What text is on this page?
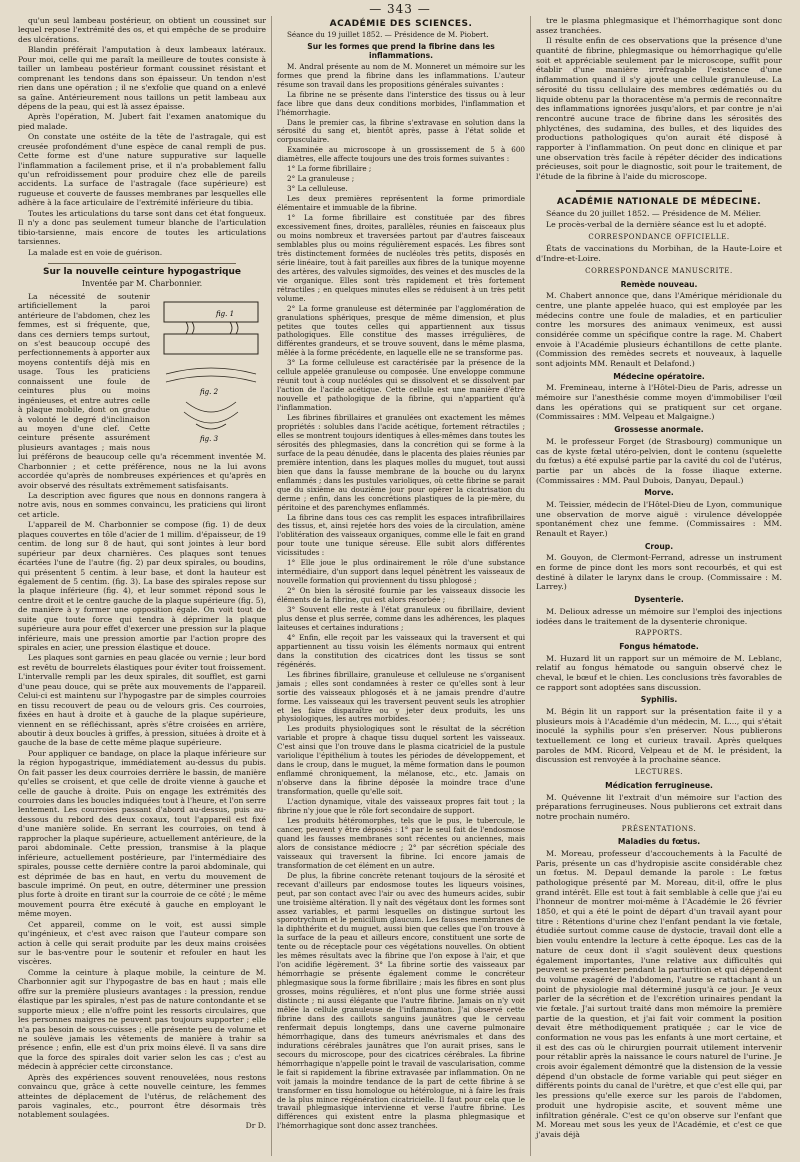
— 343 —

qu'un seul lambeau postérieur, on obtient un coussinet sur lequel repose l'extrémité des os, et qui empêche de se produire des ulcérations.

Blandin préférait l'amputation à deux lambeaux latéraux. Pour moi, celle qui me paraît la meilleure de toutes consiste à tailler un lambeau postérieur formant coussinet résistant et comprenant les tendons dans son épaisseur. Un tendon n'est rien dans une opération ; il ne s'exfolie que quand on a enlevé sa gaîne. Antérieurement nous taillons un petit lambeau aux dépens de la peau, qui est là assez épaisse.

Après l'opération, M. Jubert fait l'examen anatomique du pied malade.

On constate une ostéite de la tête de l'astragale, qui est creusée profondément d'une espèce de canal rempli de pus. Cette forme est d'une nature suppurative sur laquelle l'inflammation a facilement prise, et il n'a probablement fallu qu'un refroidissement pour produire chez elle de pareils accidents. La surface de l'astragale (face supérieure) est rugueuse et couverte de fausses membranes par lesquelles elle adhère à la face articulaire de l'extrémité inférieure du tibia.

Toutes les articulations du tarse sont dans cet état fongueux. Il n'y a donc pas seulement tumeur blanche de l'articulation tibio-tarsienne, mais encore de toutes les articulations tarsiennes.

La malade est en voie de guérison.

Sur la nouvelle ceinture hypogastrique
Inventée par M. Charbonnier.
fig. 1
fig. 2
fig. 3

La nécessité de soutenir artificiellement la paroi antérieure de l'abdomen, chez les femmes, est si fréquente, que, dans ces derniers temps surtout, on s'est beaucoup occupé des perfectionnements à apporter aux moyens contentifs déjà mis en usage. Tous les praticiens connaissent une foule de ceintures plus ou moins ingénieuses, et entre autres celle à plaque mobile, dont on gradue à volonté le degré d'inclinaison au moyen d'une clef. Cette ceinture présente assurément plusieurs avantages ; mais nous lui préférons de beaucoup celle qu'a récemment inventée M. Charbonnier ; et cette préférence, nous ne la lui avons accordée qu'après de nombreuses expériences et qu'après en avoir observé des résultats extrêmement satisfaisants.

La description avec figures que nous en donnons rangera à notre avis, nous en sommes convaincu, les praticiens qui liront cet article.

L'appareil de M. Charbonnier se compose (fig. 1) de deux plaques couvertes en tôle d'acier de 1 millim. d'épaisseur, de 19 centim. de long sur 8 de haut, qui sont jointes à leur bord supérieur par deux charnières. Ces plaques sont tenues écartées l'une de l'autre (fig. 2) par deux spirales, ou boudins, qui présentent 5 centim. à leur base, et dont la hauteur est également de 5 centim. (fig. 3). La base des spirales repose sur la plaque inférieure (fig. 4), et leur sommet répond sous le centre droit et le centre gauche de la plaque supérieure (fig. 5), de manière à y former une opposition égale. On voit tout de suite que toute force qui tendra à déprimer la plaque supérieure aura pour effet d'exercer une pression sur la plaque inférieure, mais une pression amortie par l'action propre des spirales en acier, une pression élastique et douce.

Les plaques sont garnies en peau glacée ou vernie ; leur bord est revêtu de bourrelets élastiques pour éviter tout froissement. L'intervalle rempli par les deux spirales, dit soufflet, est garni d'une peau douce, qui se prête aux mouvements de l'appareil. Celui-ci est maintenu sur l'hypogastre par de simples courroies en tissu recouvert de peau ou de velours gris. Ces courroies, fixées en haut à droite et à gauche de la plaque supérieure, viennent en se réfléchissant, après s'être croisées en arrière, aboutir à deux boucles à griffes, à pression, situées à droite et à gauche de la base de cette même plaque supérieure.

Pour appliquer ce bandage, on place la plaque inférieure sur la région hypogastrique, immédiatement au-dessus du pubis. On fait passer les deux courroies derrière le bassin, de manière qu'elles se croisent, et que celle de droite vienne à gauche et celle de gauche à droite. Puis on engage les extrémités des courroies dans les boucles indiquées tout à l'heure, et l'on serre lentement. Les courroies passant d'abord au-dessus, puis au-dessous du rebord des deux coxaux, tout l'appareil est fixé d'une manière solide. En serrant les courroies, on tend à rapprocher la plaque supérieure, actuellement antérieure, de la paroi abdominale. Cette pression, transmise à la plaque inférieure, actuellement postérieure, par l'intermédiaire des spirales, pousse cette dernière contre la paroi abdominale, qui est déprimée de bas en haut, en vertu du mouvement de bascule imprimé. On peut, en outre, déterminer une pression plus forte à droite en tirant sur la courroie de ce côté ; le même mouvement pourra être exécuté à gauche en employant le même moyen.

Cet appareil, comme on le voit, est aussi simple qu'ingénieux, et c'est avec raison que l'auteur compare son action à celle qui serait produite par les deux mains croisées sur le bas-ventre pour le soutenir et refouler en haut les viscères.

Comme la ceinture à plaque mobile, la ceinture de M. Charbonnier agit sur l'hypogastre de bas en haut ; mais elle offre sur la première plusieurs avantages : la pression, rendue élastique par les spirales, n'est pas de nature contondante et se supporte mieux ; elle n'offre point les ressorts circulaires, que les personnes maigres ne peuvent pas toujours supporter ; elle n'a pas besoin de sous-cuisses ; elle présente peu de volume et ne soulève jamais les vêtements de manière à trahir sa présence ; enfin, elle est d'un prix moins élevé. Il va sans dire que la force des spirales doit varier selon les cas ; c'est au médecin à apprécier cette circonstance.

Après des expériences souvent renouvelées, nous restons convaincu que, grâce à cette nouvelle ceinture, les femmes atteintes de déplacement de l'utérus, de relâchement des parois vaginales, etc., pourront être désormais très notablement soulagées.

Dr D.

ACADÉMIE DES SCIENCES.

Séance du 19 juillet 1852. — Présidence de M. Piobert.

Sur les formes que prend la fibrine dans les inflammations.

M. Andral présente au nom de M. Monneret un mémoire sur les formes que prend la fibrine dans les inflammations. L'auteur résume son travail dans les propositions générales suivantes :

La fibrine ne se présente dans l'interstice des tissus ou à leur face libre que dans deux conditions morbides, l'inflammation et l'hémorrhagie.

Dans le premier cas, la fibrine s'extravase en solution dans la sérosité du sang et, bientôt après, passe à l'état solide et corpusculaire.

Examinée au microscope à un grossissement de 5 à 600 diamètres, elle affecte toujours une des trois formes suivantes :

1° La forme fibrillaire ;

2° La granuleuse ;

3° La celluleuse.

Les deux premières représentent la forme primordiale élémentaire et immuable de la fibrine.

1° La forme fibrillaire est constituée par des fibres excessivement fines, droites, parallèles, réunies en faisceaux plus ou moins nombreux et traversées partout par d'autres faisceaux semblables plus ou moins régulièrement espacés. Les fibres sont très distinctement formées de nucléoles très petits, disposés en série linéaire, tout à fait pareilles aux fibres de la tunique moyenne des artères, des valvules sigmoïdes, des veines et des muscles de la vie organique. Elles sont très rapidement et très fortement rétractiles ; en quelques minutes elles se réduisent à un très petit volume.

2° La forme granuleuse est déterminée par l'agglomération de granulations sphériques, presque de même dimension, et plus petites que toutes celles qui appartiennent aux tissus pathologiques. Elle constitue des masses irrégulières, de différentes grandeurs, et se trouve souvent, dans le même plasma, mêlée à la forme précédente, en laquelle elle ne se transforme pas.

3° La forme celluleuse est caractérisée par la présence de la cellule appelée granuleuse ou composée. Une enveloppe commune réunit tout à coup nucléoles qui se dissolvent et se dissolvent par l'action de l'acide acétique. Cette cellule est une manière d'être nouvelle et pathologique de la fibrine, qui n'appartient qu'à l'inflammation.

Les fibrines fibrillaires et granulées ont exactement les mêmes propriétés : solubles dans l'acide acétique, fortement rétractiles ; elles se montrent toujours identiques à elles-mêmes dans toutes les sérosités des phlegmasies, dans la concrétion qui se forme à la surface de la peau dénudée, dans le placenta des plaies réunies par première intention, dans les plaques molles du muguet, tout aussi bien que dans la fausse membrane de la bouche ou du larynx enflammés ; dans les pustules varioliques, où cette fibrine se parait que du sixième au douzième jour pour opérer la cicatrisation du derme ; enfin, dans les concrétions plastiques de la pie-mère, du péritoine et des parenchymes enflammés.

La fibrine dans tous ces cas remplit les espaces intrafibrillaires des tissus, et, ainsi rejetée hors des voies de la circulation, amène l'oblitération des vaisseaux organiques, comme elle le fait en grand pour toute une tunique séreuse. Elle subit alors différentes vicissitudes :

1° Elle joue le plus ordinairement le rôle d'une substance intermédiaire, d'un support dans lequel pénètrent les vaisseaux de nouvelle formation qui proviennent du tissu phlogosé ;

2° On bien la sérosité fournie par les vaisseaux dissocie les éléments de la fibrine, qui est alors résorbée ;

3° Souvent elle reste à l'état granuleux ou fibrillaire, devient plus dense et plus serrée, comme dans les adhérences, les plaques laiteuses et certaines indurations ;

4° Enfin, elle reçoit par les vaisseaux qui la traversent et qui appartiennent au tissu voisin les éléments normaux qui entrent dans la constitution des cicatrices dont les tissus se sont régénérés.

Les fibrines fibrillaire, granuleuse et celluleuse ne s'organisent jamais ; elles sont condamnées à rester ce qu'elles sont à leur sortie des vaisseaux phlogosés et à ne jamais prendre d'autre forme. Les vaisseaux qui les traversent peuvent seuls les atrophier et les faire disparaître ou y jeter deux produits, les uns physiologiques, les autres morbides.

Les produits physiologiques sont le résultat de la sécrétion variable et propre à chaque tissu duquel sortent les vaisseaux. C'est ainsi que l'on trouve dans le plasma cicatriciel de la pustule variolique l'épithélium à toutes les périodes de développement, et dans le croup, dans le muguet, la même formation dans le poumon enflammé chroniquement, la mélanose, etc., etc. Jamais on n'observe dans la fibrine déposée la moindre trace d'une transformation, quelle qu'elle soit.

L'action dynamique, vitale des vaisseaux propres fait tout ; la fibrine n'y joue que le rôle fort secondaire de support.

Les produits hétéromorphes, tels que le pus, le tubercule, le cancer, peuvent y être déposés : 1° par le seul fait de l'endosmose quand les fausses membranes sont récentes ou anciennes, mais alors de consistance médiocre ; 2° par sécrétion spéciale des vaisseaux qui traversent la fibrine. Ici encore jamais de transformation de cet élément en un autre.

De plus, la fibrine concrète retenant toujours de la sérosité et recevant d'ailleurs par endosmose toutes les liqueurs voisines, peut, par son contact avec l'air ou avec des humeurs acides, subir une troisième altération. Il y naît des végétaux dont les formes sont assez variables, et parmi lesquelles on distingue surtout les sporotrychum et le penicillum glaucum. Les fausses membranes de la diphthérite et du muguet, aussi bien que celles que l'on trouve à la surface de la peau et ailleurs encore, constituent une sorte de tente ou de réceptacle pour ces végétations nouvelles. On obtient les mêmes résultats avec la fibrine que l'on expose à l'air, et que l'on acidifie légèrement. 3° La fibrine sortie des vaisseaux par hémorrhagie se présente également comme le concréteur phlegmasique sous la forme fibrillaire ; mais les fibres en sont plus grosses, moins régulières, et n'ont plus une forme striée aussi distincte ; ni aussi élégante que l'autre fibrine. Jamais on n'y voit mêlée la cellule granuleuse de l'inflammation. J'ai observé cette fibrine dans des caillots sanguins jaunâtres que le cerveau renfermait depuis longtemps, dans une caverne pulmonaire hémorrhagique, dans des tumeurs anévrismales et dans des indurations cérébrales jaunâtres que l'on aurait prises, sans le secours du microscope, pour des cicatrices cérébrales. La fibrine hémorrhagique n'appelle point le travail de vascularisation, comme le fait si rapidement la fibrine extravasée par inflammation. On ne voit jamais la moindre tendance de la part de cette fibrine à se transformer en tissu homologue ou hétérologue, ni à faire les frais de la plus mince régénération cicatricielle. Il faut pour cela que le travail phlegmasique intervienne et verse l'autre fibrine. Les différences qui existent entre la plasma phlegmasique et l'hémorrhagique sont donc assez tranchées.

tre le plasma phlegmasique et l'hémorrhagique sont donc assez tranchées.

Il résulte enfin de ces observations que la présence d'une quantité de fibrine, phlegmasique ou hémorrhagique qu'elle soit et appréciable seulement par le microscope, suffit pour établir d'une manière irréfragable l'existence d'une inflammation quand il s'y ajoute une cellule granuleuse. La sérosité du tissu cellulaire des membres œdématiés ou du liquide obtenu par la thoracentèse m'a permis de reconnaître des inflammations ignorées jusqu'alors, et par contre je n'ai rencontré aucune trace de fibrine dans les sérosités des phlycténes, des sudamina, des bulles, et des liquides des productions pathologiques qu'on aurait été disposé à rapporter à l'inflammation. On peut donc en clinique et par une observation très facile à répéter décider des indications précieuses, soit pour le diagnostic, soit pour le traitement, de l'étude de la fibrine à l'aide du microscope.

ACADÉMIE NATIONALE DE MÉDECINE.

Séance du 20 juillet 1852. — Présidence de M. Mélier.

Le procès-verbal de la dernière séance est lu et adopté.

CORRESPONDANCE OFFICIELLE.

États de vaccinations du Morbihan, de la Haute-Loire et d'Indre-et-Loire.

CORRESPONDANCE MANUSCRITE.
Remède nouveau.

M. Chabert annonce que, dans l'Amérique méridionale du centre, une plante appelée huaco, qui est employée par les médecins contre une foule de maladies, et en particulier contre les morsures des animaux venimeux, est aussi considérée comme un spécifique contre la rage. M. Chabert envoie à l'Académie plusieurs échantillons de cette plante. (Commission des remèdes secrets et nouveaux, à laquelle sont adjoints MM. Renault et Delafond.)

Médecine opératoire.

M. Fremineau, interne à l'Hôtel-Dieu de Paris, adresse un mémoire sur l'anesthésie comme moyen d'immobiliser l'œil dans les opérations qui se pratiquent sur cet organe. (Commissaires : MM. Velpeau et Malgaigne.)

Grossesse anormale.

M. le professeur Forget (de Strasbourg) communique un cas de kyste fœtal utéro-pelvien, dont le contenu (squelette du fœtus) a été expulsé partie par la cavité du col de l'utérus, partie par un abcès de la fosse iliaque externe. (Commissaires : MM. Paul Dubois, Danyau, Depaul.)

Morve.

M. Teissier, médecin de l'Hôtel-Dieu de Lyon, communique une observation de morve aiguë : virulence développée spontanément chez une femme. (Commissaires : MM. Renault et Rayer.)

Croup.

M. Gouyon, de Clermont-Ferrand, adresse un instrument en forme de pince dont les mors sont recourbés, et qui est destiné à dilater le larynx dans le croup. (Commissaire : M. Larrey.)

Dysenterie.

M. Delioux adresse un mémoire sur l'emploi des injections iodées dans le traitement de la dysenterie chronique.

RAPPORTS.
Fongus hématode.

M. Huzard lit un rapport sur un mémoire de M. Leblanc, relatif au fongus hématode ou sanguin observé chez le cheval, le bœuf et le chien. Les conclusions très favorables de ce rapport sont adoptées sans discussion.

Syphilis.

M. Bégin lit un rapport sur la présentation faite il y a plusieurs mois à l'Académie d'un médecin, M. L..., qui s'était inoculé la syphilis pour s'en préserver. Nous publierons textuellement ce long et curieux travail. Après quelques paroles de MM. Ricord, Velpeau et de M. le président, la discussion est renvoyée à la prochaine séance.

LECTURES.
Médication ferrugineuse.

M. Quévenne lit l'extrait d'un mémoire sur l'action des préparations ferrugineuses. Nous publierons cet extrait dans notre prochain numéro.

PRÉSENTATIONS.
Maladies du fœtus.

M. Moreau, professeur d'accouchements à la Faculté de Paris, présente un cas d'hydropisie ascite considérable chez un fœtus. M. Depaul demande la parole : Le fœtus pathologique présenté par M. Moreau, dit-il, offre le plus grand intérêt. Elle est tout à fait semblable à celle que j'ai eu l'honneur de montrer moi-même à l'Académie le 26 février 1850, et qui a été le point de départ d'un travail ayant pour titre : Rétentions d'urine chez l'enfant pendant la vie fœtale, étudiée surtout comme cause de dystocie, travail dont elle a bien voulu entendre la lecture à cette époque. Les cas de la nature de ceux dont il s'agit soulèvent deux questions également importantes, l'une relative aux difficultés qui peuvent se présenter pendant la parturition et qui dépendent du volume exagéré de l'abdomen, l'autre se rattachant à un point de physiologie mal déterminé jusqu'à ce jour. Je veux parler de la sécrétion et de l'excrétion urinaires pendant la vie fœtale. J'ai surtout traité dans mon mémoire la première partie de la question, et j'ai fait voir comment la position devait être méthodiquement pratiquée ; car le vice de conformation ne vous pas les enfants à une mort certaine, et il est des cas où le chirurgien pourrait utilement intervenir pour rétablir après la naissance le cours naturel de l'urine. Je crois avoir également démontré que la distension de la vessie dépend d'un obstacle de forme variable qui peut siéger en différents points du canal de l'urètre, et que c'est elle qui, par les pressions qu'elle exerce sur les parois de l'abdomen, produit une hydropisie ascite, et souvent même une infiltration générale. C'est ce qu'on observe sur l'enfant que M. Moreau met sous les yeux de l'Académie, et c'est ce que j'avais déjà
